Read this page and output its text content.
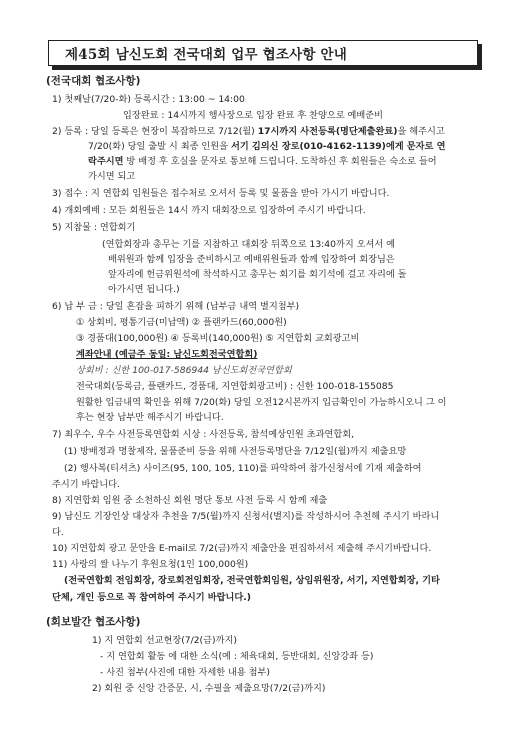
제45회 남신도회 전국대회 업무 협조사항 안내
(전국대회 협조사항)
1) 첫째날(7/20-화) 등록시간 : 13:00 ~ 14:00
입장완료 : 14시까지 행사장으로 입장 완료 후 찬양으로 예배준비
2) 등록 : 당일 등록은 현장이 복잡하므로 7/12(월) 17시까지 사전등록(명단제출완료)을 해주시고
7/20(화) 당일 출발 시 최종 인원을 서기 김의신 장로(010-4162-1139)에게 문자로 연
락주시면 방 배정 후 호실을 문자로 통보해 드립니다. 도착하신 후 회원들은 숙소로 들어
가시면 되고
3) 접수 : 지 연합회 임원들은 접수처로 오셔서 등록 및 물품을 받아 가시기 바랍니다.
4) 개회예배 : 모든 회원들은 14시 까지 대회장으로 입장하여 주시기 바랍니다.
5) 지참물 : 연합회기
(연합회장과 총무는 기를 지참하고 대회장 뒤쪽으로 13:40까지 오셔서 예
배위원과 함께 입장을 준비하시고 예배위원들과 함께 입장하여 회장님은
앞자리에 헌금위원석에 착석하시고 총무는 회기를 회기석에 걸고 자리에 돌
아가시면 됩니다.)
6) 납 부 금 : 당일 혼잡을 피하기 위해 (납부금 내역 별지첨부)
① 상회비, 평통기금(미납액) ② 플랜카드(60,000원)
③ 경품대(100,000원) ④ 등록비(140,000원) ⑤ 지연합회 교회광고비
계좌안내 (예금주 동일: 남신도회전국연합회)
상회비 : 신한 100-017-586944 남신도회전국연합회
전국대회(등록금, 플랜카드, 경품대, 지연합회광고비) : 신한 100-018-155085
원활한 입금내역 확인을 위해 7/20(화) 당일 오전12시본까지 입금확인이 가능하시오니 그 이
후는 현장 납부만 해주시기 바랍니다.
7) 최우수, 우수 사전등록연합회 시상 : 사전등록, 참석예상인원 초과연합회,
(1) 방배정과 명찰제작, 물품준비 등을 위해 사전등록명단을 7/12일(월)까지 제출요망
(2) 행사복(티셔츠) 사이즈(95, 100, 105, 110)를 파악하여 참가신청서에 기재 제출하여
주시기 바랍니다.
8) 지연합회 임원 중 소천하신 회원 명단 통보 사전 등록 시 함께 제출
9) 남신도 기장인상 대상자 추천을 7/5(월)까지 신청서(별지)를 작성하시어 추천해 주시기 바라니
다.
10) 지연합회 광고 문안을 E-mail로 7/2(금)까지 제출안을 편집하셔서 제출해 주시기바랍니다.
11) 사랑의 쌀 나누기 후원요청(1인 100,000원)
(전국연합회 전임회장, 장로회전임회장, 전국연합회임원, 상임위원장, 서기, 지연합회장, 기타
단체, 개인 등으로 꼭 참여하여 주시기 바랍니다.)
(회보발간 협조사항)
1) 지 연합회 선교현장(7/2(금)까지)
- 지 연합회 활동 에 대한 소식(예 : 체육대회, 등반대회, 신앙강좌 등)
- 사진 첨부(사진에 대한 자세한 내용 첨부)
2) 회원 중 신앙 간증문, 시, 수필을 제출요망(7/2(금)까지)
